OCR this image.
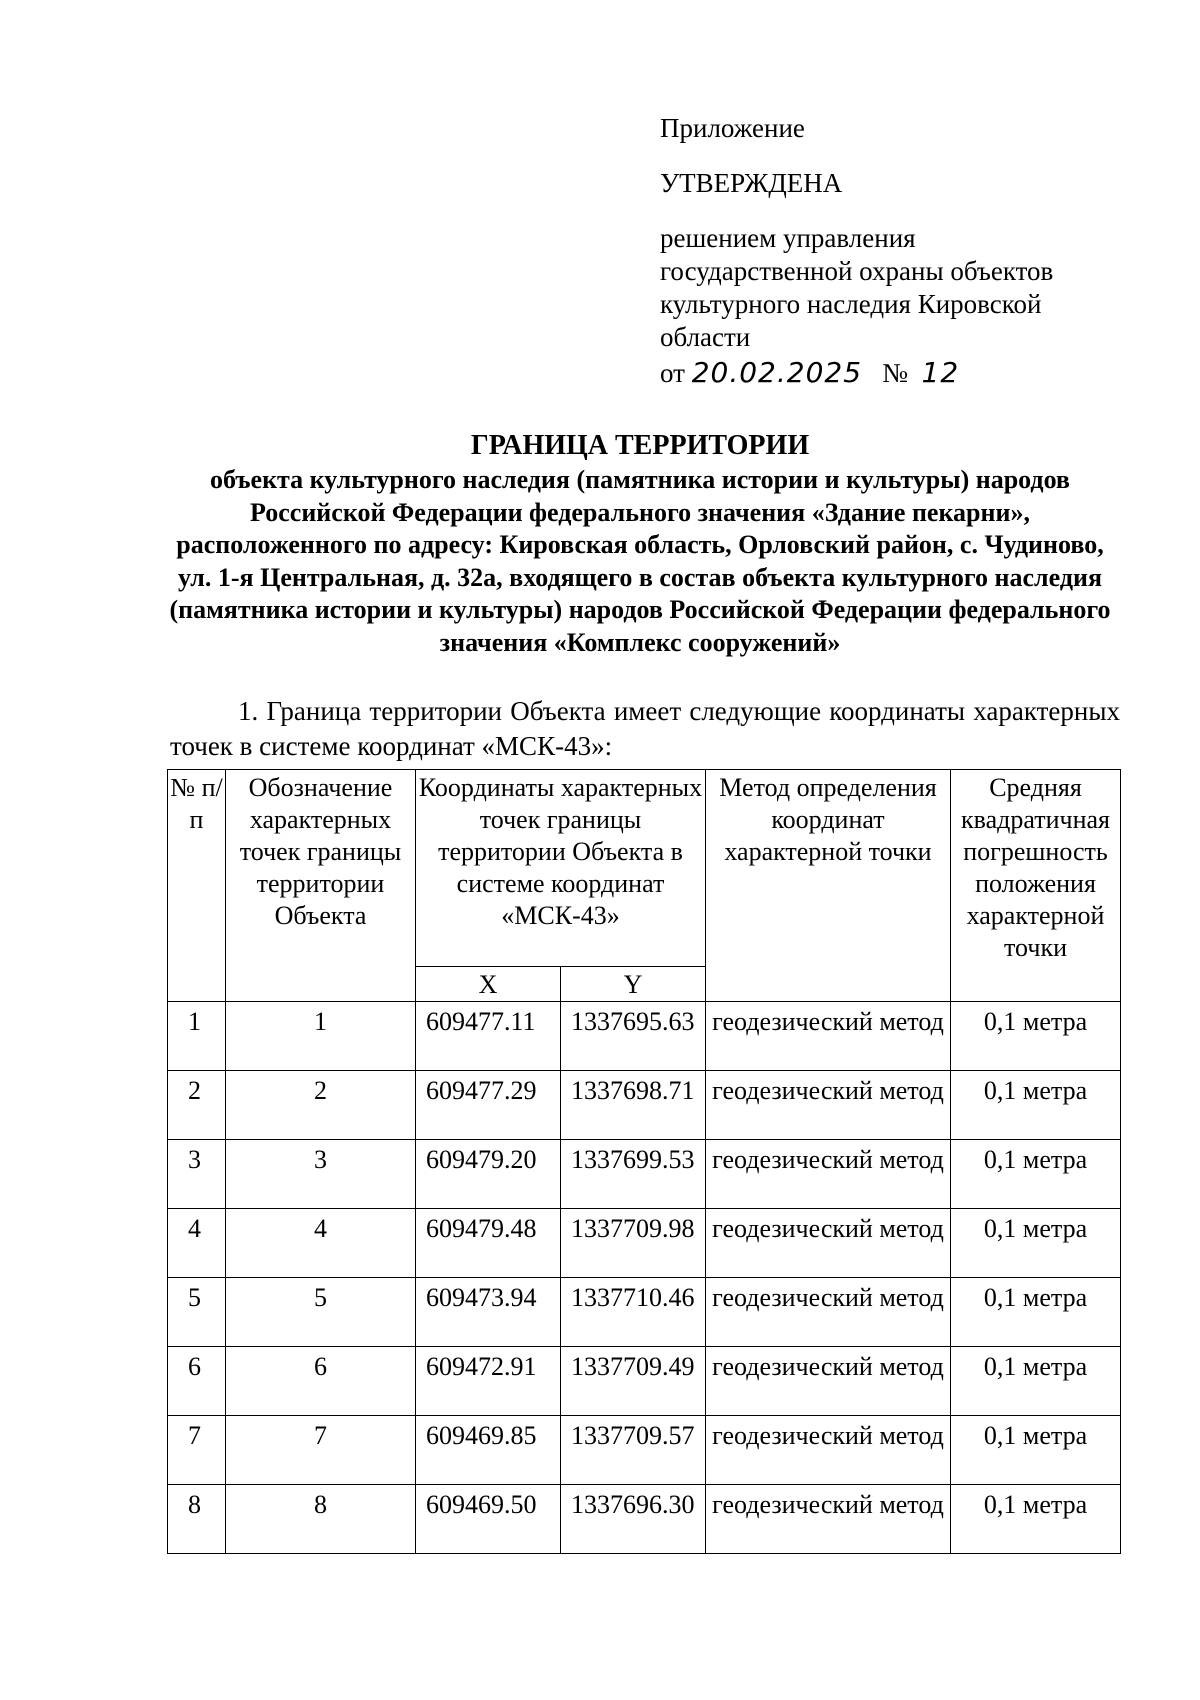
Приложение
УТВЕРЖДЕНА
решением управления государственной охраны объектов культурного наследия Кировской области
от 20.02.2025 № 12
ГРАНИЦА ТЕРРИТОРИИ
объекта культурного наследия (памятника истории и культуры) народов Российской Федерации федерального значения «Здание пекарни», расположенного по адресу: Кировская область, Орловский район, с. Чудиново, ул. 1-я Центральная, д. 32а, входящего в состав объекта культурного наследия (памятника истории и культуры) народов Российской Федерации федерального значения «Комплекс сооружений»
1. Граница территории Объекта имеет следующие координаты характерных точек в системе координат «МСК-43»:
№ п/п	Обозначение характерных точек границы территории Объекта	Координаты характерных точек границы территории Объекта в системе координат «МСК-43»		Метод определения координат характерной точки	Средняя квадратичная погрешность положения характерной точки
		X	Y		
1	1	609477.11	1337695.63	геодезический метод	0,1 метра
2	2	609477.29	1337698.71	геодезический метод	0,1 метра
3	3	609479.20	1337699.53	геодезический метод	0,1 метра
4	4	609479.48	1337709.98	геодезический метод	0,1 метра
5	5	609473.94	1337710.46	геодезический метод	0,1 метра
6	6	609472.91	1337709.49	геодезический метод	0,1 метра
7	7	609469.85	1337709.57	геодезический метод	0,1 метра
8	8	609469.50	1337696.30	геодезический метод	0,1 метра
